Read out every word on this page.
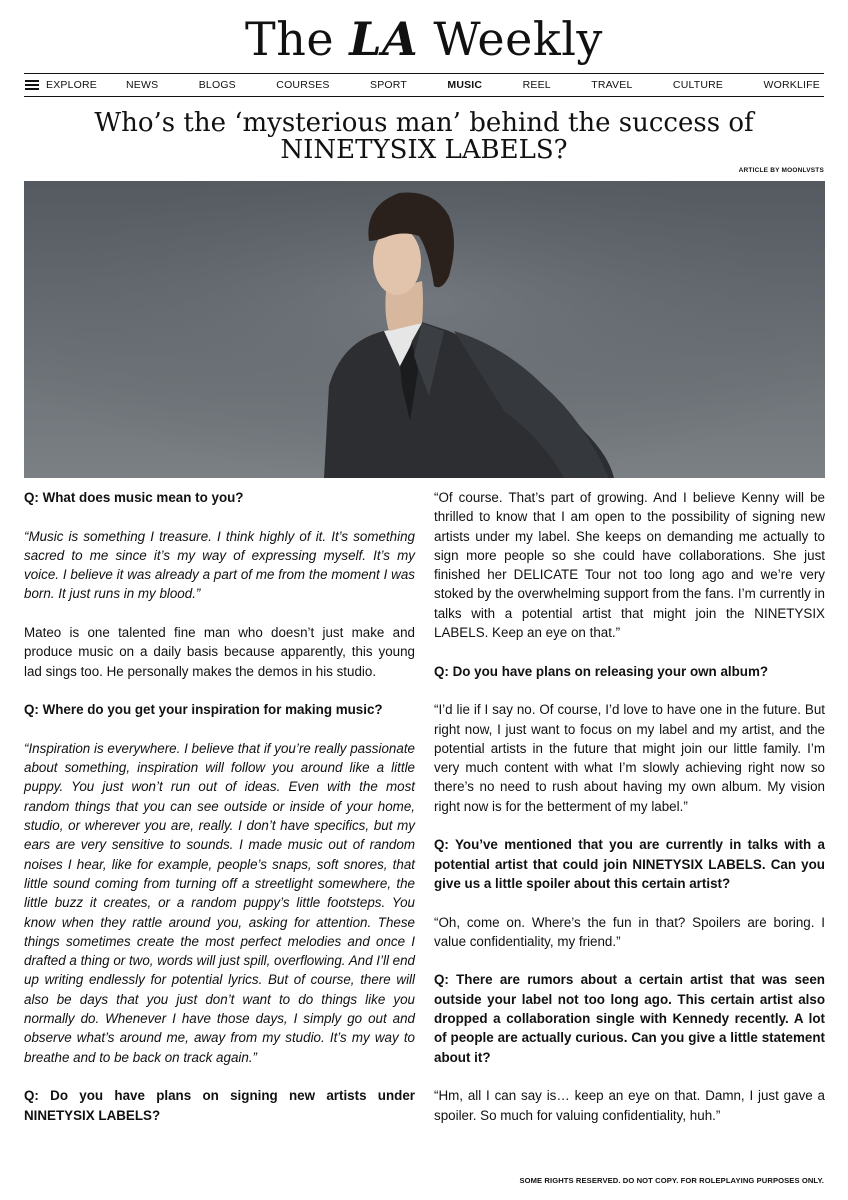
The LA Weekly
EXPLORE	NEWS	BLOGS	COURSES	SPORT	MUSIC	REEL	TRAVEL	CULTURE	WORKLIFE
Who’s the ‘mysterious man’ behind the success of
NINETYSIX LABELS?
ARTICLE BY MOONLVSTS

Q: What does music mean to you?

“Music is something I treasure. I think highly of it. It’s something sacred to me since it’s my way of expressing myself. It’s my voice. I believe it was already a part of me from the moment I was born. It just runs in my blood.”

Mateo is one talented fine man who doesn’t just make and produce music on a daily basis because apparently, this young lad sings too. He personally makes the demos in his studio.

Q: Where do you get your inspiration for making music?

“Inspiration is everywhere. I believe that if you’re really passionate about something, inspiration will follow you around like a little puppy. You just won’t run out of ideas. Even with the most random things that you can see outside or inside of your home, studio, or wherever you are, really. I don’t have specifics, but my ears are very sensitive to sounds. I made music out of random noises I hear, like for example, people’s snaps, soft snores, that little sound coming from turning off a streetlight somewhere, the little buzz it creates, or a random puppy’s little footsteps. You know when they rattle around you, asking for attention. These things sometimes create the most perfect melodies and once I drafted a thing or two, words will just spill, overflowing. And I’ll end up writing endlessly for potential lyrics. But of course, there will also be days that you just don’t want to do things like you normally do. Whenever I have those days, I simply go out and observe what’s around me, away from my studio. It’s my way to breathe and to be back on track again.”

Q: Do you have plans on signing new artists under NINETYSIX LABELS?

“Of course. That’s part of growing. And I believe Kenny will be thrilled to know that I am open to the possibility of signing new artists under my label. She keeps on demanding me actually to sign more people so she could have collaborations. She just finished her DELICATE Tour not too long ago and we’re very stoked by the overwhelming support from the fans. I’m currently in talks with a potential artist that might join the NINETYSIX LABELS. Keep an eye on that.”

Q: Do you have plans on releasing your own album?

“I’d lie if I say no. Of course, I’d love to have one in the future. But right now, I just want to focus on my label and my artist, and the potential artists in the future that might join our little family. I’m very much content with what I’m slowly achieving right now so there’s no need to rush about having my own album. My vision right now is for the betterment of my label.”

Q: You’ve mentioned that you are currently in talks with a potential artist that could join NINETYSIX LABELS. Can you give us a little spoiler about this certain artist?

“Oh, come on. Where’s the fun in that? Spoilers are boring. I value confidentiality, my friend.”

Q: There are rumors about a certain artist that was seen outside your label not too long ago. This certain artist also dropped a collaboration single with Kennedy recently. A lot of people are actually curious. Can you give a little statement about it?

“Hm, all I can say is… keep an eye on that. Damn, I just gave a spoiler. So much for valuing confidentiality, huh.”

SOME RIGHTS RESERVED. DO NOT COPY. FOR ROLEPLAYING PURPOSES ONLY.
